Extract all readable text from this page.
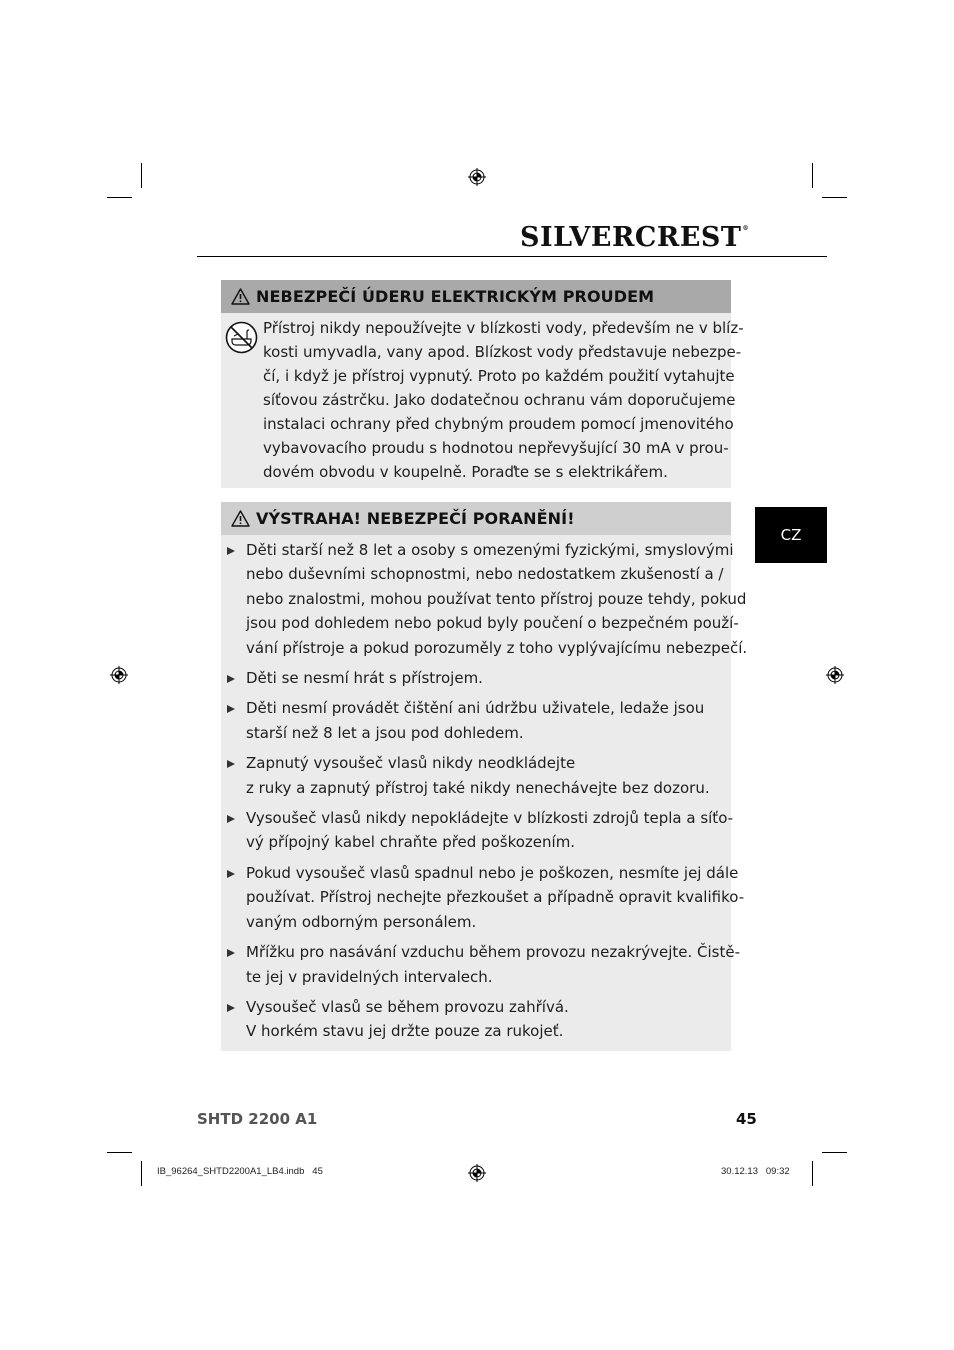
SILVERCREST®
NEBEZPEČÍ ÚDERU ELEKTRICKÝM PROUDEM
Přístroj nikdy nepoužívejte v blízkosti vody, především ne v blíz-
kosti umyvadla, vany apod. Blízkost vody představuje nebezpe-
čí, i když je přístroj vypnutý. Proto po každém použití vytahujte
síťovou zástrčku. Jako dodatečnou ochranu vám doporučujeme
instalaci ochrany před chybným proudem pomocí jmenovitého
vybavovacího proudu s hodnotou nepřevyšující 30 mA v prou-
dovém obvodu v koupelně. Poraďte se s elektrikářem.
VÝSTRAHA! NEBEZPEČÍ PORANĚNÍ!
Děti starší než 8 let a osoby s omezenými fyzickými, smyslovými
nebo duševními schopnostmi, nebo nedostatkem zkušeností a /
nebo znalostmi, mohou používat tento přístroj pouze tehdy, pokud
jsou pod dohledem nebo pokud byly poučení o bezpečném použí-
vání přístroje a pokud porozuměly z toho vyplývajícímu nebezpečí.
Děti se nesmí hrát s přístrojem.
Děti nesmí provádět čištění ani údržbu uživatele, ledaže jsou
starší než 8 let a jsou pod dohledem.
Zapnutý vysoušeč vlasů nikdy neodkládejte
z ruky a zapnutý přístroj také nikdy nenechávejte bez dozoru.
Vysoušeč vlasů nikdy nepokládejte v blízkosti zdrojů tepla a síťo-
vý přípojný kabel chraňte před poškozením.
Pokud vysoušeč vlasů spadnul nebo je poškozen, nesmíte jej dále
používat. Přístroj nechejte přezkoušet a případně opravit kvalifiko-
vaným odborným personálem.
Mřížku pro nasávání vzduchu během provozu nezakrývejte. Čistě-
te jej v pravidelných intervalech.
Vysoušeč vlasů se během provozu zahřívá.
V horkém stavu jej držte pouze za rukojeť.
CZ
SHTD 2200 A1	45
IB_96264_SHTD2200A1_LB4.indb   45	30.12.13   09:32
